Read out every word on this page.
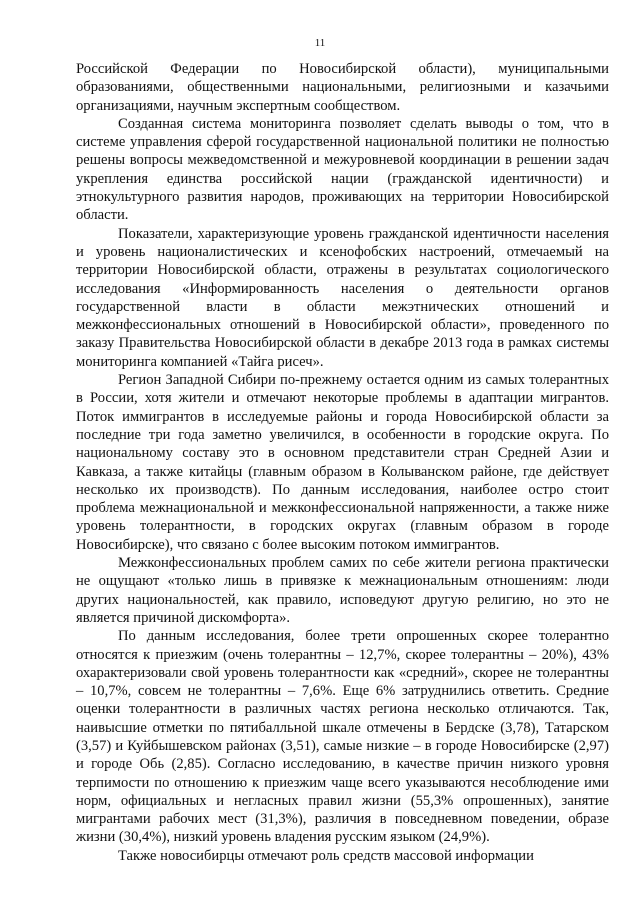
11

Российской Федерации по Новосибирской области), муниципальными образованиями, общественными национальными, религиозными и казачьими организациями, научным экспертным сообществом.

Созданная система мониторинга позволяет сделать выводы о том, что в системе управления сферой государственной национальной политики не полностью решены вопросы межведомственной и межуровневой координации в решении задач укрепления единства российской нации (гражданской идентичности) и этнокультурного развития народов, проживающих на территории Новосибирской области.

Показатели, характеризующие уровень гражданской идентичности населения и уровень националистических и ксенофобских настроений, отмечаемый на территории Новосибирской области, отражены в результатах социологического исследования «Информированность населения о деятельности органов государственной власти в области межэтнических отношений и межконфессиональных отношений в Новосибирской области», проведенного по заказу Правительства Новосибирской области в декабре 2013 года в рамках системы мониторинга компанией «Тайга рисеч».

Регион Западной Сибири по-прежнему остается одним из самых толерантных в России, хотя жители и отмечают некоторые проблемы в адаптации мигрантов. Поток иммигрантов в исследуемые районы и города Новосибирской области за последние три года заметно увеличился, в особенности в городские округа. По национальному составу это в основном представители стран Средней Азии и Кавказа, а также китайцы (главным образом в Колыванском районе, где действует несколько их производств). По данным исследования, наиболее остро стоит проблема межнациональной и межконфессиональной напряженности, а также ниже уровень толерантности, в городских округах (главным образом в городе Новосибирске), что связано с более высоким потоком иммигрантов.

Межконфессиональных проблем самих по себе жители региона практически не ощущают «только лишь в привязке к межнациональным отношениям: люди других национальностей, как правило, исповедуют другую религию, но это не является причиной дискомфорта».

По данным исследования, более трети опрошенных скорее толерантно относятся к приезжим (очень толерантны – 12,7%, скорее толерантны – 20%), 43% охарактеризовали свой уровень толерантности как «средний», скорее не толерантны – 10,7%, совсем не толерантны – 7,6%. Еще 6% затруднились ответить. Средние оценки толерантности в различных частях региона несколько отличаются. Так, наивысшие отметки по пятибалльной шкале отмечены в Бердске (3,78), Татарском (3,57) и Куйбышевском районах (3,51), самые низкие – в городе Новосибирске (2,97) и городе Обь (2,85). Согласно исследованию, в качестве причин низкого уровня терпимости по отношению к приезжим чаще всего указываются несоблюдение ими норм, официальных и негласных правил жизни (55,3% опрошенных), занятие мигрантами рабочих мест (31,3%), различия в повседневном поведении, образе жизни (30,4%), низкий уровень владения русским языком (24,9%).

Также новосибирцы отмечают роль средств массовой информации
